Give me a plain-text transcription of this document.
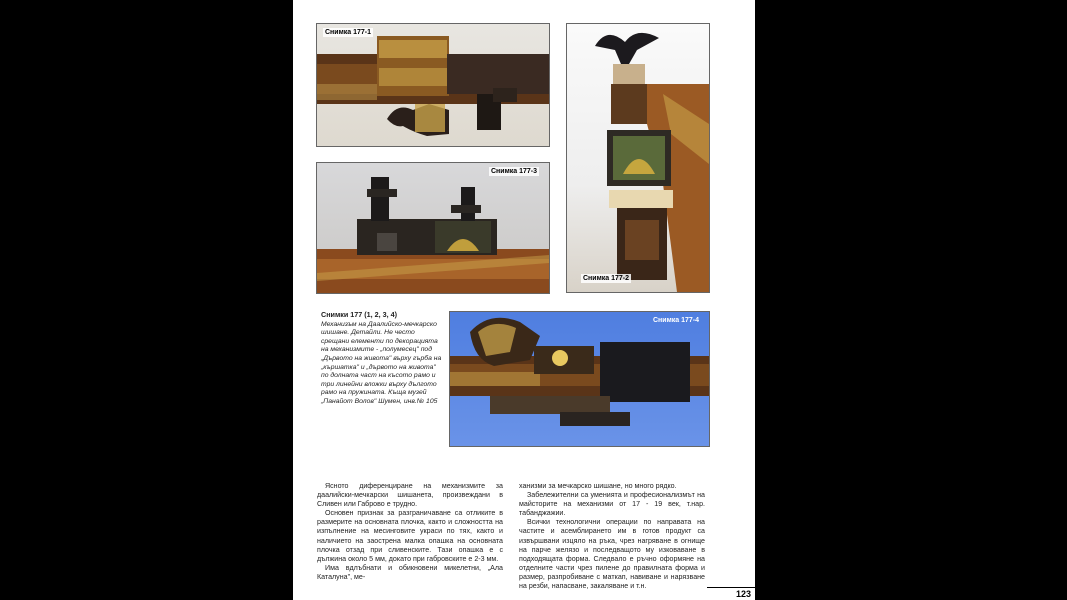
Снимка 177-1
Снимка 177-2
Снимка 177-3
Снимки 177 (1, 2, 3, 4)
Механизъм на Даалийско-мечкарско шишане. Детайли. Не често срещани елементи по декорацията на механизмите - „полумесец" под „Дървото на живота" върху гърба на „кършатка" и „дървото на живота" по долната част на късото рамо и три линейни вложки върху дългото рамо на пружината. Къща музей „Панайот Волов" Шумен, инв.№ 105
Снимка 177-4

Ясното диференциране на механизмите за даалийски-мечкарски шишанета, произвеждани в Сливен или Габрово е трудно.

Основен признак за разграничаване са отликите в размерите на основната плочка, както и сложността на изпълнение на месинговите украси по тях, както и наличието на заострена малка опашка на основната плочка отзад при сливенските. Тази опашка е с дължина около 5 мм, докато при габровските е 2-3 мм.

Има вдлъбнати и обикновени микелетни, „Ала Каталуна", ме-

ханизми за мечкарско шишане, но много рядко.

Забележителни са уменията и професионализмът на майсторите на механизми от 17 - 19 век, т.нар. табанджажии.

Всички технологични операции по направата на частите и асемблирането им в готов продукт са извършвани изцяло на ръка, чрез нагряване в огнище на парче желязо и последващото му изковаване в подходящата форма. Следвало е ръчно оформяне на отделните части чрез пилене до правилната форма и размер, разпробиване с маткап, навиване и нарязване на резби, напасване, закаляване и т.н.

123
